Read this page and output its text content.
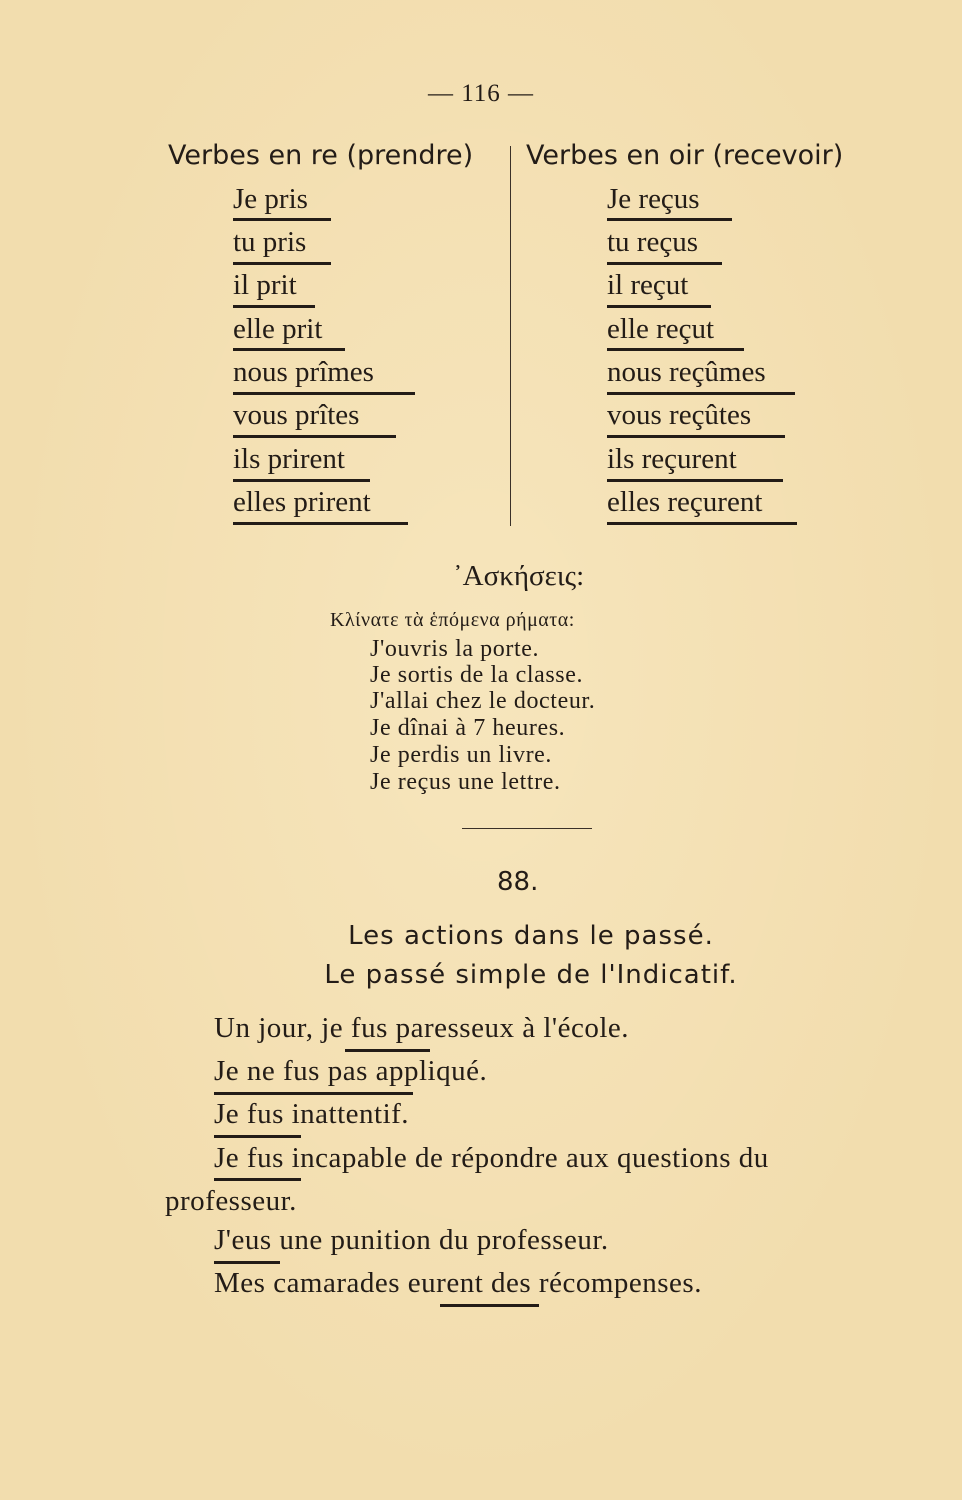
— 116 —
Verbes en re (prendre) Verbes en oir (recevoir)
Je pris
tu pris
il prit
elle prit
nous prîmes
vous prîtes
ils prirent
elles prirent
Je reçus
tu reçus
il reçut
elle reçut
nous reçûmes
vous reçûtes
ils reçurent
elles reçurent
᾿Ασκήσεις:
Κλίνατε τὰ ἑπόμενα ρήματα:
J'ouvris la porte.
Je sortis de la classe.
J'allai chez le docteur.
Je dînai à 7 heures.
Je perdis un livre.
Je reçus une lettre.
88.
Les actions dans le passé.
Le passé simple de l'Indicatif.
Un jour, je fus paresseux à l'école.
Je ne fus pas appliqué.
Je fus inattentif.
Je fus incapable de répondre aux questions du
professeur.
J'eus une punition du professeur.
Mes camarades eurent des récompenses.
